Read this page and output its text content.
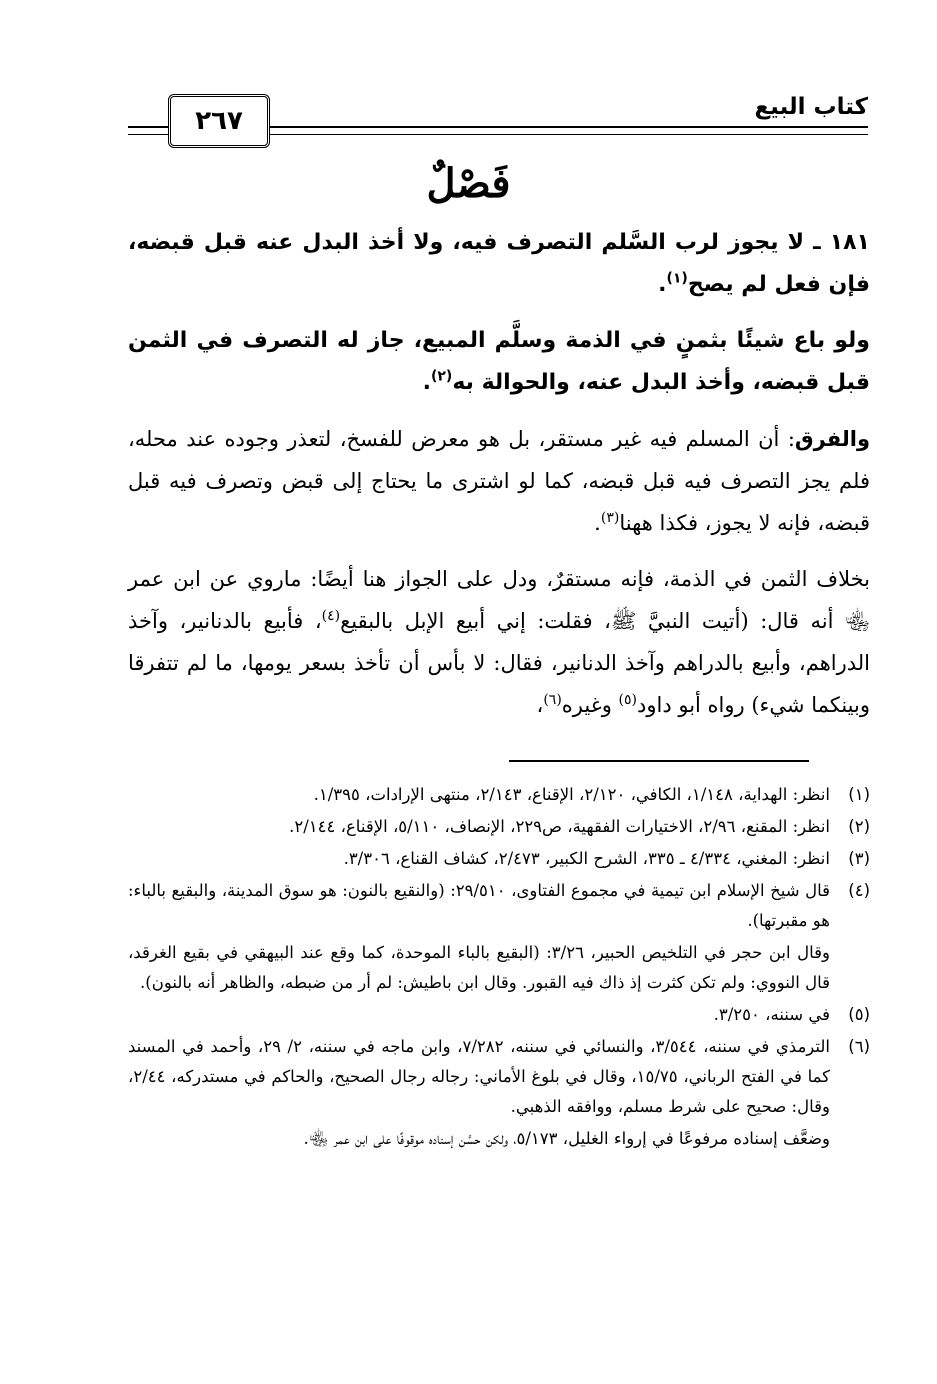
كتاب البيع
٢٦٧
فَصْلٌ

١٨١ ـ لا يجوز لرب السَّلم التصرف فيه، ولا أخذ البدل عنه قبل قبضه، فإن فعل لم يصح$^{(١)}$.

ولو باع شيئًا بثمنٍ في الذمة وسلَّم المبيع، جاز له التصرف في الثمن قبل قبضه، وأخذ البدل عنه، والحوالة به$^{(٢)}$.

والفرق: أن المسلم فيه غير مستقر، بل هو معرض للفسخ، لتعذر وجوده عند محله، فلم يجز التصرف فيه قبل قبضه، كما لو اشترى ما يحتاج إلى قبض وتصرف فيه قبل قبضه، فإنه لا يجوز، فكذا ههنا$^{(٣)}$.

بخلاف الثمن في الذمة، فإنه مستقرٌ، ودل على الجواز هنا أيضًا: ماروي عن ابن عمر ﵄ أنه قال: (أتيت النبيَّ ﷺ، فقلت: إني أبيع الإبل بالبقيع$^{(٤)}$، فأبيع بالدنانير، وآخذ الدراهم، وأبيع بالدراهم وآخذ الدنانير، فقال: لا بأس أن تأخذ بسعر يومها، ما لم تتفرقا وبينكما شيء) رواه أبو داود$^{(٥)}$ وغيره$^{(٦)}$،

(١)
انظر: الهداية، ١/١٤٨، الكافي، ٢/١٢٠، الإقناع، ٢/١٤٣، منتهى الإرادات، ١/٣٩٥.
(٢)
انظر: المقنع، ٢/٩٦، الاختيارات الفقهية، ص٢٢٩، الإنصاف، ٥/١١٠، الإقناع، ٢/١٤٤.
(٣)
انظر: المغني، ٤/٣٣٤ ـ ٣٣٥، الشرح الكبير، ٢/٤٧٣، كشاف القناع، ٣/٣٠٦.
(٤)
قال شيخ الإسلام ابن تيمية في مجموع الفتاوى، ٢٩/٥١٠: (والنقيع بالنون: هو سوق المدينة، والبقيع بالباء: هو مقبرتها).
وقال ابن حجر في التلخيص الحبير، ٣/٢٦: (البقيع بالباء الموحدة، كما وقع عند البيهقي في بقيع الغرقد، قال النووي: ولم تكن كثرت إذ ذاك فيه القبور. وقال ابن باطيش: لم أر من ضبطه، والظاهر أنه بالنون).
(٥)
في سننه، ٣/٢٥٠.
(٦)
الترمذي في سننه، ٣/٥٤٤، والنسائي في سننه، ٧/٢٨٢، وابن ماجه في سننه، ٢/ ٢٩، وأحمد في المسند كما في الفتح الرباني، ١٥/٧٥، وقال في بلوغ الأماني: رجاله رجال الصحيح، والحاكم في مستدركه، ٢/٤٤، وقال: صحيح على شرط مسلم، ووافقه الذهبي.
وضعَّف إسناده مرفوعًا في إرواء الغليل، ٥/١٧٣، ولكن حسَّن إسناده موقوفًا على ابن عمر ﵄.
